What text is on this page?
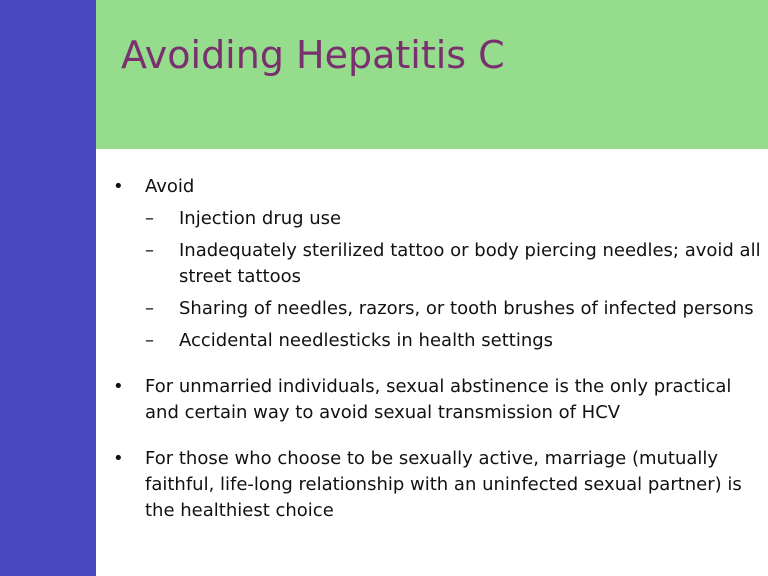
Avoiding Hepatitis C
• Avoid
– Injection drug use
– Inadequately sterilized tattoo or body piercing needles; avoid all street tattoos
– Sharing of needles, razors, or tooth brushes of infected persons
– Accidental needlesticks in health settings
• For unmarried individuals, sexual abstinence is the only practical and certain way to avoid sexual transmission of HCV
• For those who choose to be sexually active, marriage (mutually faithful, life-long relationship with an uninfected sexual partner) is the healthiest choice
